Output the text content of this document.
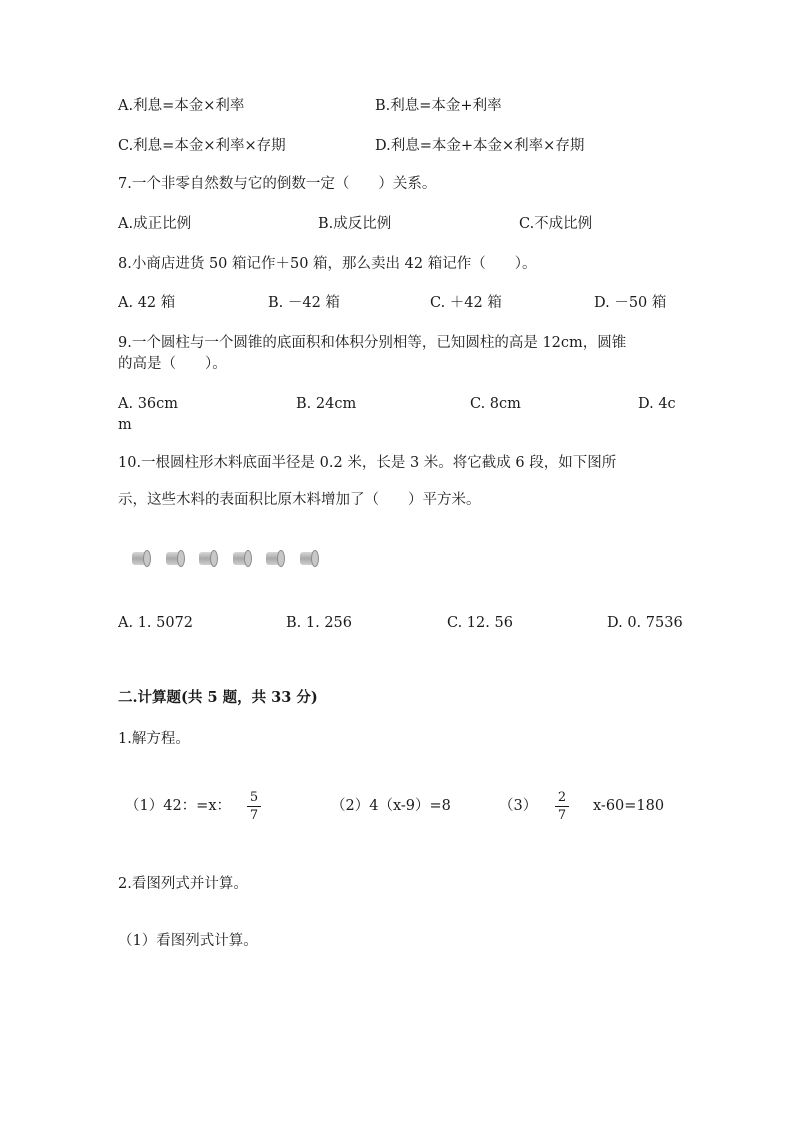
A.利息=本金×利率	B.利息=本金+利率
C.利息=本金×利率×存期	D.利息=本金+本金×利率×存期
7.一个非零自然数与它的倒数一定（　　）关系。
A.成正比例	B.成反比例	C.不成比例
8.小商店进货 50 箱记作＋50 箱，那么卖出 42 箱记作（　　）。
A. 42 箱	B. －42 箱	C. ＋42 箱	D. －50 箱
9.一个圆柱与一个圆锥的底面积和体积分别相等，已知圆柱的高是 12cm，圆锥
的高是（　　）。
A. 36cm	B. 24cm	C. 8cm	D. 4c
m
10.一根圆柱形木料底面半径是 0.2 米，长是 3 米。将它截成 6 段，如下图所
示，这些木料的表面积比原木料增加了（　　）平方米。
A. 1. 5072	B. 1. 256	C. 12. 56	D. 0. 7536
二.计算题(共 5 题，共 33 分)
1.解方程。
（1）42：=x：
5
7
（2）4（x-9）=8	（3）
2
7
x-60=180
2.看图列式并计算。
（1）看图列式计算。
